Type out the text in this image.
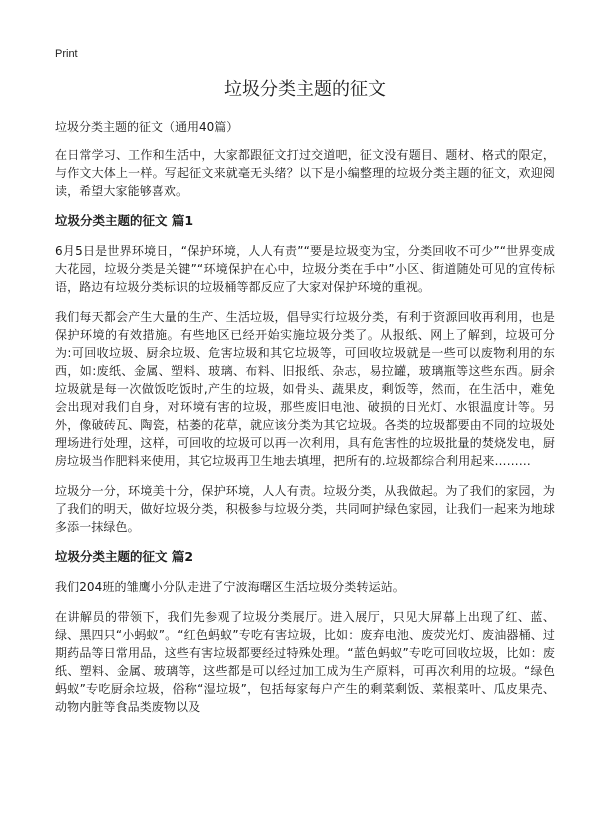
Print
垃圾分类主题的征文
垃圾分类主题的征文（通用40篇）

在日常学习、工作和生活中，大家都跟征文打过交道吧，征文没有题目、题材、格式的限定，与作文大体上一样。写起征文来就毫无头绪？以下是小编整理的垃圾分类主题的征文，欢迎阅读，希望大家能够喜欢。

垃圾分类主题的征文 篇1

6月5日是世界环境日，“保护环境，人人有责”“要是垃圾变为宝，分类回收不可少”“世界变成大花园，垃圾分类是关键”“环境保护在心中，垃圾分类在手中”小区、街道随处可见的宣传标语，路边有垃圾分类标识的垃圾桶等都反应了大家对保护环境的重视。

我们每天都会产生大量的生产、生活垃圾，倡导实行垃圾分类，有利于资源回收再利用，也是保护环境的有效措施。有些地区已经开始实施垃圾分类了。从报纸、网上了解到，垃圾可分为:可回收垃圾、厨余垃圾、危害垃圾和其它垃圾等，可回收垃圾就是一些可以废物利用的东西，如:废纸、金属、塑料、玻璃、布料、旧报纸、杂志，易拉罐，玻璃瓶等这些东西。厨余垃圾就是每一次做饭吃饭时,产生的垃圾，如骨头、蔬果皮，剩饭等，然而，在生活中，难免会出现对我们自身，对环境有害的垃圾，那些废旧电池、破损的日光灯、水银温度计等。另外，像破砖瓦、陶瓷，枯萎的花草，就应该分类为其它垃圾。各类的垃圾都要由不同的垃圾处理场进行处理，这样，可回收的垃圾可以再一次利用，具有危害性的垃圾批量的焚烧发电，厨房垃圾当作肥料来使用，其它垃圾再卫生地去填埋，把所有的.垃圾都综合利用起来………

垃圾分一分，环境美十分，保护环境，人人有责。垃圾分类，从我做起。为了我们的家园，为了我们的明天，做好垃圾分类，积极参与垃圾分类，共同呵护绿色家园，让我们一起来为地球多添一抹绿色。

垃圾分类主题的征文 篇2

我们204班的雏鹰小分队走进了宁波海曙区生活垃圾分类转运站。

在讲解员的带领下，我们先参观了垃圾分类展厅。进入展厅，只见大屏幕上出现了红、蓝、绿、黑四只“小蚂蚁”。“红色蚂蚁”专吃有害垃圾，比如：废弃电池、废荧光灯、废油器桶、过期药品等日常用品，这些有害垃圾都要经过特殊处理。“蓝色蚂蚁”专吃可回收垃圾，比如：废纸、塑料、金属、玻璃等，这些都是可以经过加工成为生产原料，可再次利用的垃圾。“绿色蚂蚁”专吃厨余垃圾，俗称“湿垃圾”，包括每家每户产生的剩菜剩饭、菜根菜叶、瓜皮果壳、动物内脏等食品类废物以及
